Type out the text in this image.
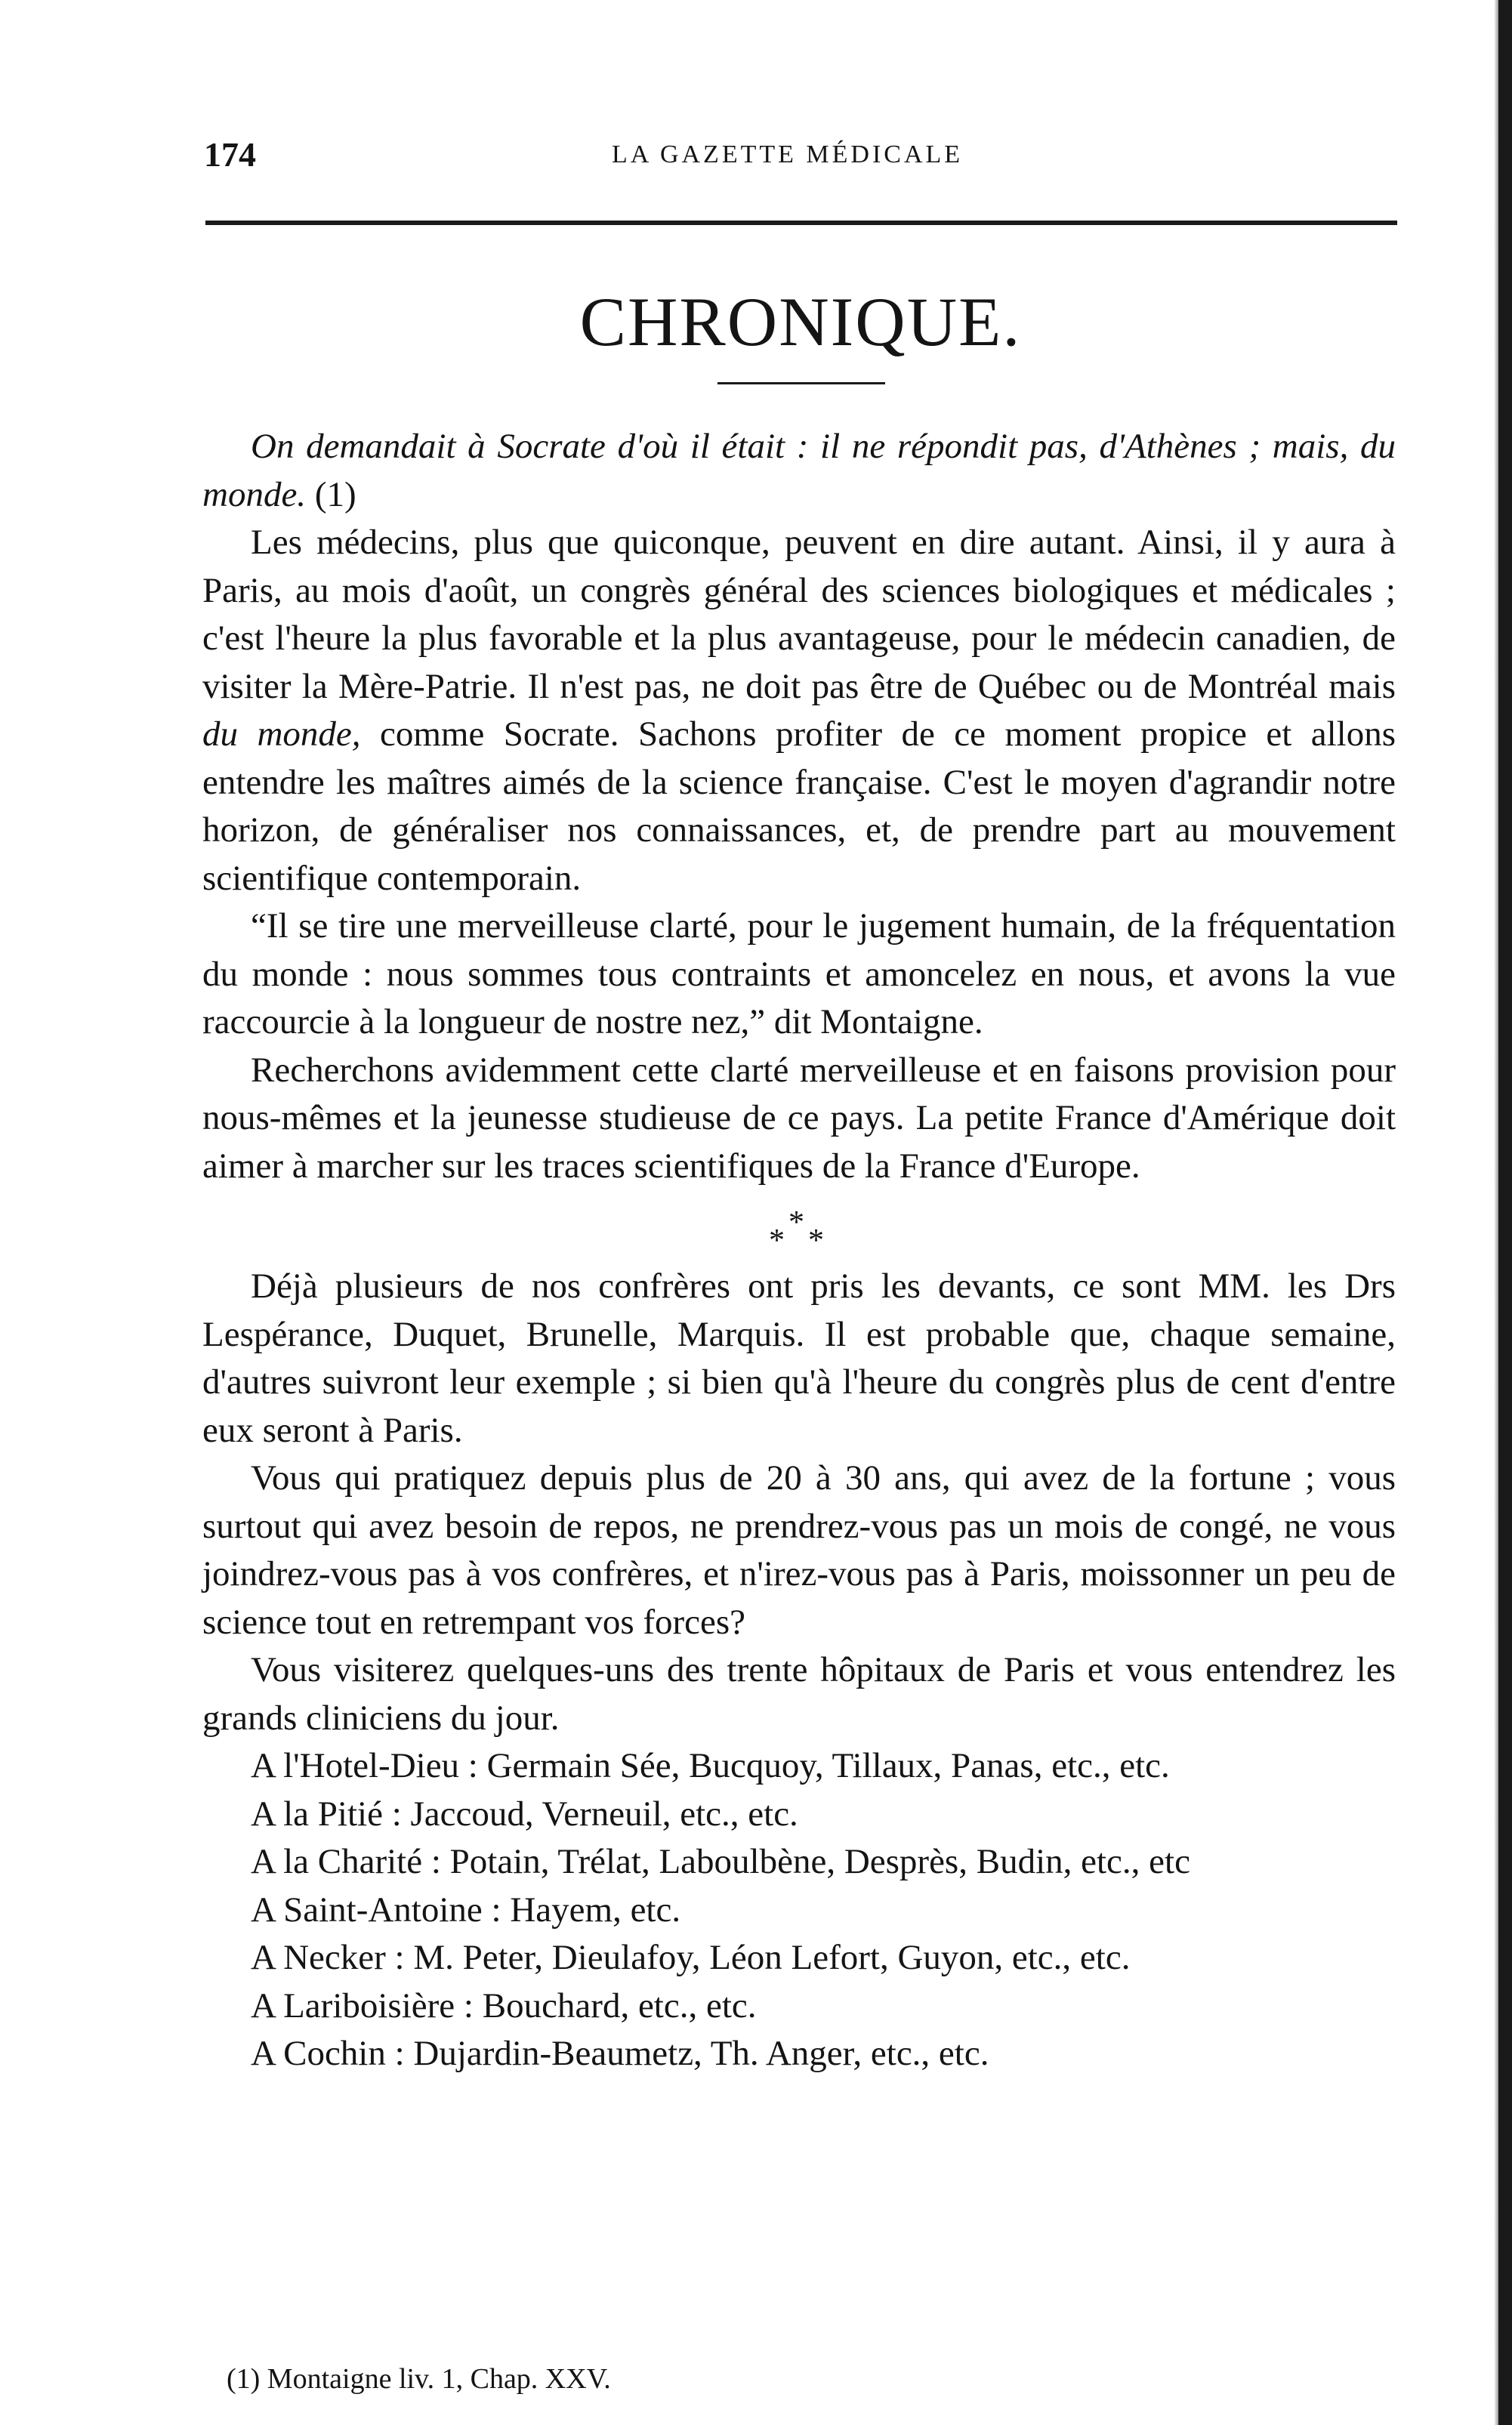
174	LA GAZETTE MÉDICALE
CHRONIQUE.

On demandait à Socrate d'où il était : il ne répondit pas, d'Athènes ; mais, du monde. (1)

Les médecins, plus que quiconque, peuvent en dire autant. Ainsi, il y aura à Paris, au mois d'août, un congrès général des sciences biologiques et médicales ; c'est l'heure la plus favorable et la plus avantageuse, pour le médecin canadien, de visiter la Mère-Patrie. Il n'est pas, ne doit pas être de Québec ou de Montréal mais du monde, comme Socrate. Sachons profiter de ce moment propice et allons entendre les maîtres aimés de la science française. C'est le moyen d'agrandir notre horizon, de généraliser nos connaissances, et, de prendre part au mouvement scientifique contemporain.

“Il se tire une merveilleuse clarté, pour le jugement humain, de la fréquentation du monde : nous sommes tous contraints et amoncelez en nous, et avons la vue raccourcie à la longueur de nostre nez,” dit Montaigne.

Recherchons avidemment cette clarté merveilleuse et en faisons provision pour nous-mêmes et la jeunesse studieuse de ce pays. La petite France d'Amérique doit aimer à marcher sur les traces scientifiques de la France d'Europe.

*
* *

Déjà plusieurs de nos confrères ont pris les devants, ce sont MM. les Drs Lespérance, Duquet, Brunelle, Marquis. Il est probable que, chaque semaine, d'autres suivront leur exemple ; si bien qu'à l'heure du congrès plus de cent d'entre eux seront à Paris.

Vous qui pratiquez depuis plus de 20 à 30 ans, qui avez de la fortune ; vous surtout qui avez besoin de repos, ne prendrez-vous pas un mois de congé, ne vous joindrez-vous pas à vos confrères, et n'irez-vous pas à Paris, moissonner un peu de science tout en retrempant vos forces?

Vous visiterez quelques-uns des trente hôpitaux de Paris et vous entendrez les grands cliniciens du jour.

A l'Hotel-Dieu : Germain Sée, Bucquoy, Tillaux, Panas, etc., etc.
A la Pitié : Jaccoud, Verneuil, etc., etc.
A la Charité : Potain, Trélat, Laboulbène, Desprès, Budin, etc., etc
A Saint-Antoine : Hayem, etc.
A Necker : M. Peter, Dieulafoy, Léon Lefort, Guyon, etc., etc.
A Lariboisière : Bouchard, etc., etc.
A Cochin : Dujardin-Beaumetz, Th. Anger, etc., etc.
(1) Montaigne liv. 1, Chap. XXV.
